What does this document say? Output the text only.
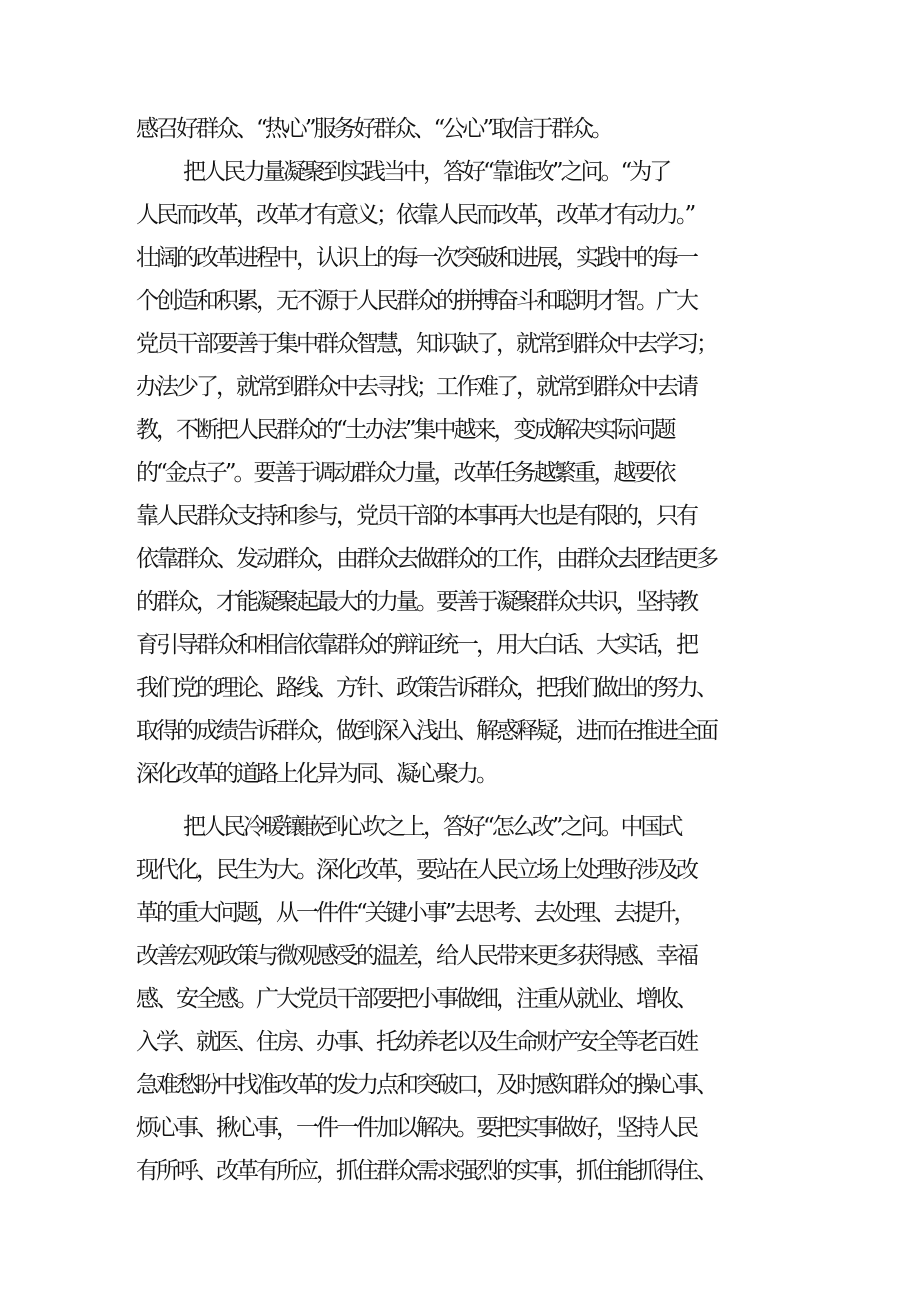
感召好群众、“热心”服务好群众、“公心”取信于群众。
把人民力量凝聚到实践当中，答好“靠谁改”之问。“为了
人民而改革，改革才有意义；依靠人民而改革，改革才有动力。”
壮阔的改革进程中，认识上的每一次突破和进展，实践中的每一
个创造和积累，无不源于人民群众的拼搏奋斗和聪明才智。广大
党员干部要善于集中群众智慧，知识缺了，就常到群众中去学习；
办法少了，就常到群众中去寻找；工作难了，就常到群众中去请
教，不断把人民群众的“土办法”集中越来，变成解决实际问题
的“金点子”。要善于调动群众力量，改革任务越繁重，越要依
靠人民群众支持和参与，党员干部的本事再大也是有限的，只有
依靠群众、发动群众，由群众去做群众的工作，由群众去团结更多
的群众，才能凝聚起最大的力量。要善于凝聚群众共识，坚持教
育引导群众和相信依靠群众的辩证统一，用大白话、大实话，把
我们党的理论、路线、方针、政策告诉群众，把我们做出的努力、
取得的成绩告诉群众，做到深入浅出、解惑释疑，进而在推进全面
深化改革的道路上化异为同、凝心聚力。
把人民冷暖镶嵌到心坎之上，答好“怎么改”之问。中国式
现代化，民生为大。深化改革，要站在人民立场上处理好涉及改
革的重大问题，从一件件“关键小事”去思考、去处理、去提升，
改善宏观政策与微观感受的温差，给人民带来更多获得感、幸福
感、安全感。广大党员干部要把小事做细，注重从就业、增收、
入学、就医、住房、办事、托幼养老以及生命财产安全等老百姓
急难愁盼中找准改革的发力点和突破口，及时感知群众的操心事、
烦心事、揪心事，一件一件加以解决。要把实事做好，坚持人民
有所呼、改革有所应，抓住群众需求强烈的实事，抓住能抓得住、
